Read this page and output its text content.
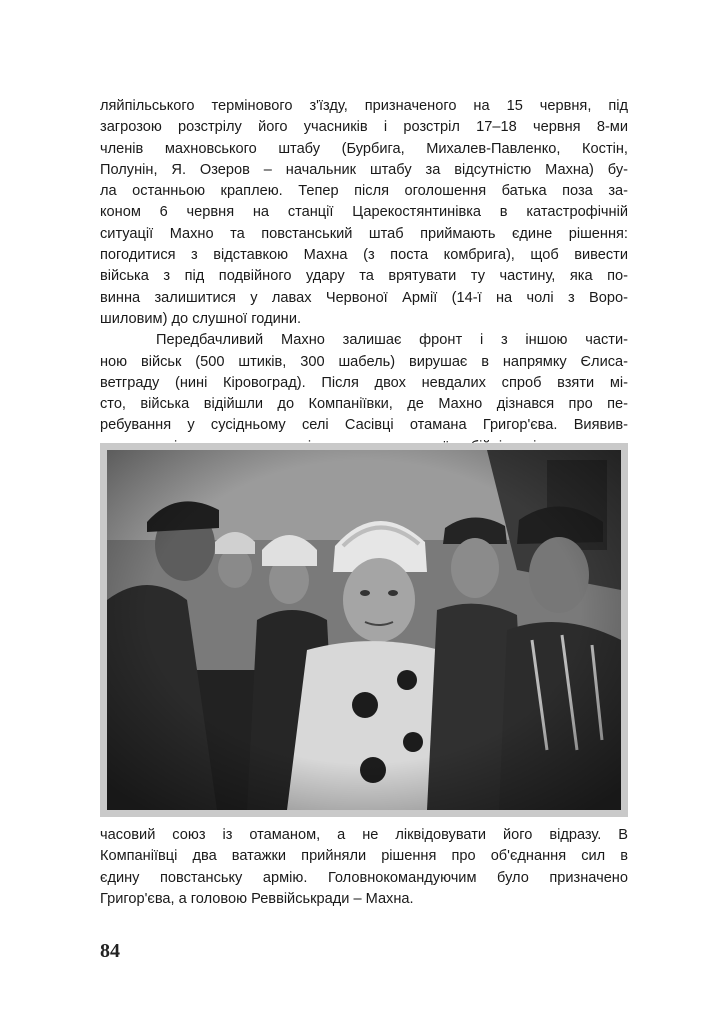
ляйпільського термінового з'їзду, призначеного на 15 червня, під
загрозою розстрілу його учасників і розстріл 17–18 червня 8-ми
членів махновського штабу (Бурбига, Михалев-Павленко, Костін,
Полунін, Я. Озеров – начальник штабу за відсутністю Махна) бу-
ла останньою краплею. Тепер після оголошення батька поза за-
коном 6 червня на станції Царекостянтинівка в катастрофічній
ситуації Махно та повстанський штаб приймають єдине рішення:
погодитися з відставкою Махна (з поста комбрига), щоб вивести
війська з під подвійного удару та врятувати ту частину, яка по-
винна залишитися у лавах Червоної Армії (14-ї на чолі з Воро-
шиловим) до слушної години.
Передбачливий Махно залишає фронт і з іншою части-
ною військ (500 штиків, 300 шабель) вирушає в напрямку Єлиса-
ветграду (нині Кіровоград). Після двох невдалих спроб взяти мі-
сто, війська відійшли до Компаніївки, де Махно дізнався про пе-
ребування у сусідньому селі Сасівці отамана Григор'єва. Виявив-
часовий союз із отаманом, а не ліквідовувати його відразу. В
Компаніївці два ватажки прийняли рішення про об'єднання сил в
єдину повстанську армію. Головнокомандуючим було призначено
Григор'єва, а головою Реввійськради – Махна.
84
